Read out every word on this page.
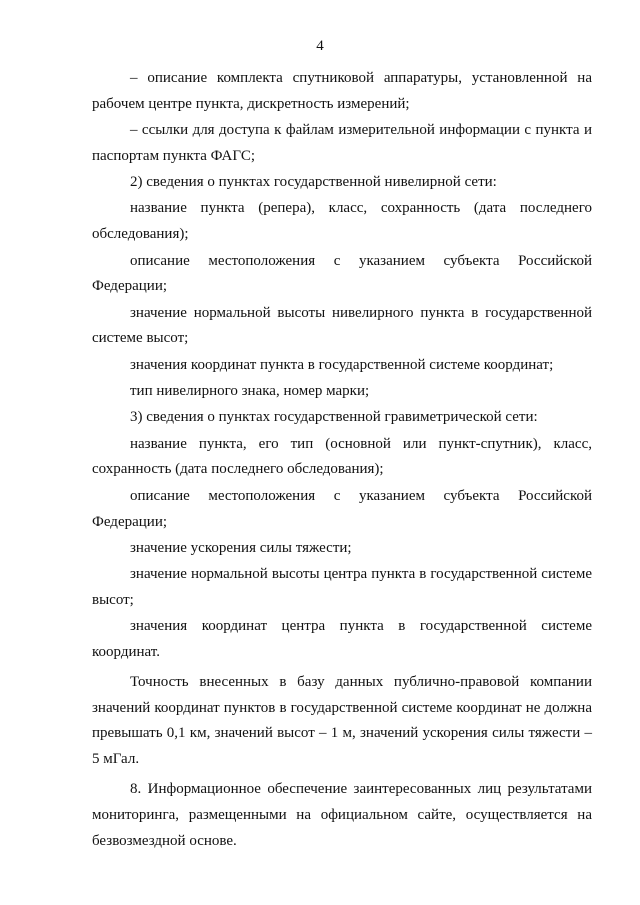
4

– описание комплекта спутниковой аппаратуры, установленной на рабочем центре пункта, дискретность измерений;

– ссылки для доступа к файлам измерительной информации с пункта и паспортам пункта ФАГС;

2) сведения о пунктах государственной нивелирной сети:

название пункта (репера), класс, сохранность (дата последнего обследования);

описание местоположения с указанием субъекта Российской Федерации;

значение нормальной высоты нивелирного пункта в государственной системе высот;

значения координат пункта в государственной системе координат;

тип нивелирного знака, номер марки;

3) сведения о пунктах государственной гравиметрической сети:

название пункта, его тип (основной или пункт-спутник), класс, сохранность (дата последнего обследования);

описание местоположения с указанием субъекта Российской Федерации;

значение ускорения силы тяжести;

значение нормальной высоты центра пункта в государственной системе высот;

значения координат центра пункта в государственной системе координат.

Точность внесенных в базу данных публично-правовой компании значений координат пунктов в государственной системе координат не должна превышать 0,1 км, значений высот – 1 м, значений ускорения силы тяжести – 5 мГал.

8. Информационное обеспечение заинтересованных лиц результатами мониторинга, размещенными на официальном сайте, осуществляется на безвозмездной основе.
